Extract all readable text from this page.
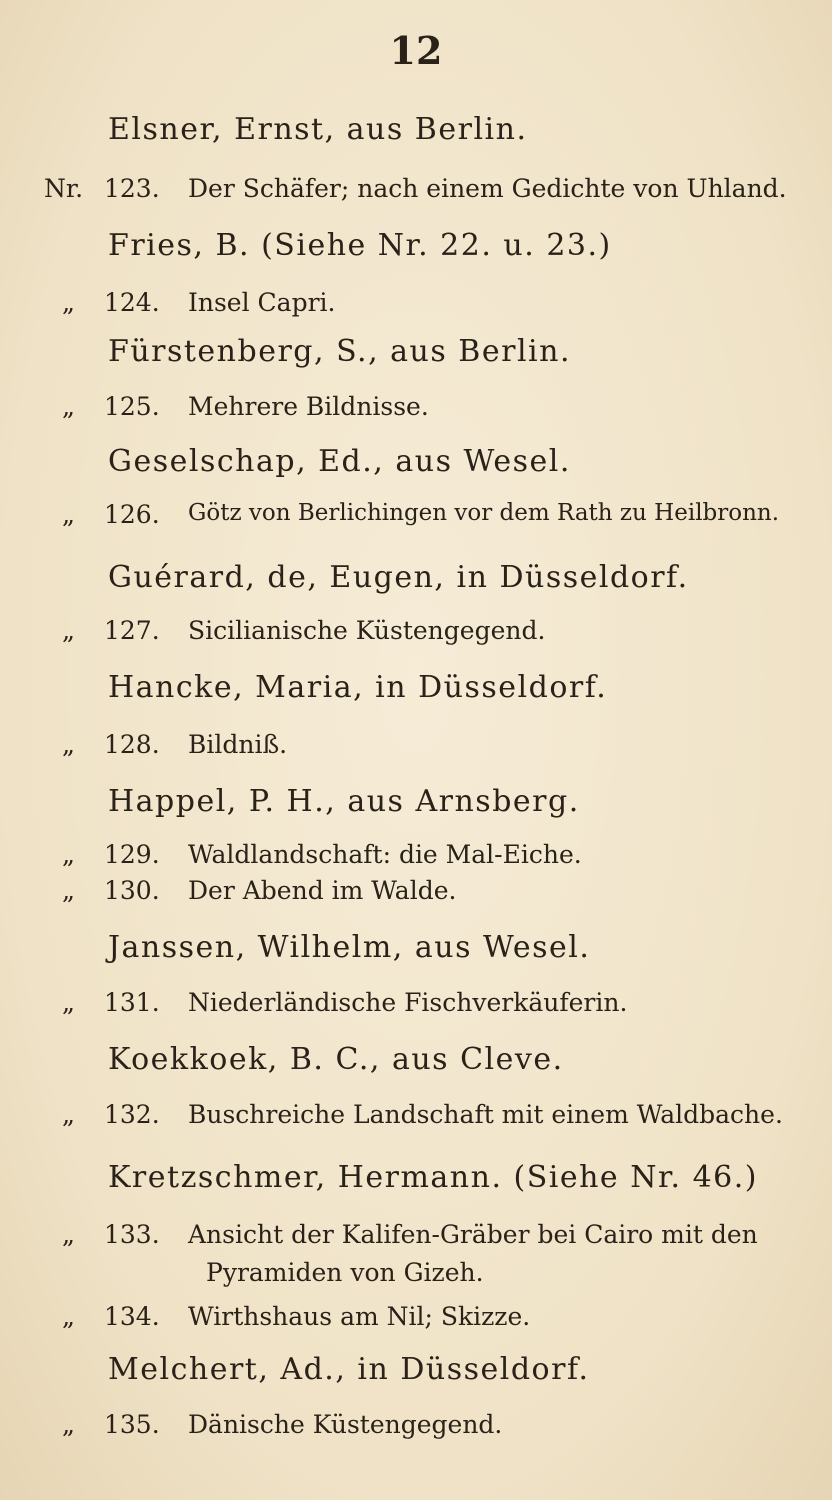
12
Elsner, Ernst, aus Berlin.
Nr. 123. Der Schäfer; nach einem Gedichte von Uhland.
Fries, B. (Siehe Nr. 22. u. 23.)
„ 124. Insel Capri.
Fürstenberg, S., aus Berlin.
„ 125. Mehrere Bildnisse.
Geselschap, Ed., aus Wesel.
„ 126. Götz von Berlichingen vor dem Rath zu Heilbronn.
Guérard, de, Eugen, in Düsseldorf.
„ 127. Sicilianische Küstengegend.
Hancke, Maria, in Düsseldorf.
„ 128. Bildniß.
Happel, P. H., aus Arnsberg.
„ 129. Waldlandschaft: die Mal-Eiche.
„ 130. Der Abend im Walde.
Janssen, Wilhelm, aus Wesel.
„ 131. Niederländische Fischverkäuferin.
Koekkoek, B. C., aus Cleve.
„ 132. Buschreiche Landschaft mit einem Waldbache.
Kretzschmer, Hermann. (Siehe Nr. 46.)
„ 133. Ansicht der Kalifen-Gräber bei Cairo mit den
Pyramiden von Gizeh.
„ 134. Wirthshaus am Nil; Skizze.
Melchert, Ad., in Düsseldorf.
„ 135. Dänische Küstengegend.
